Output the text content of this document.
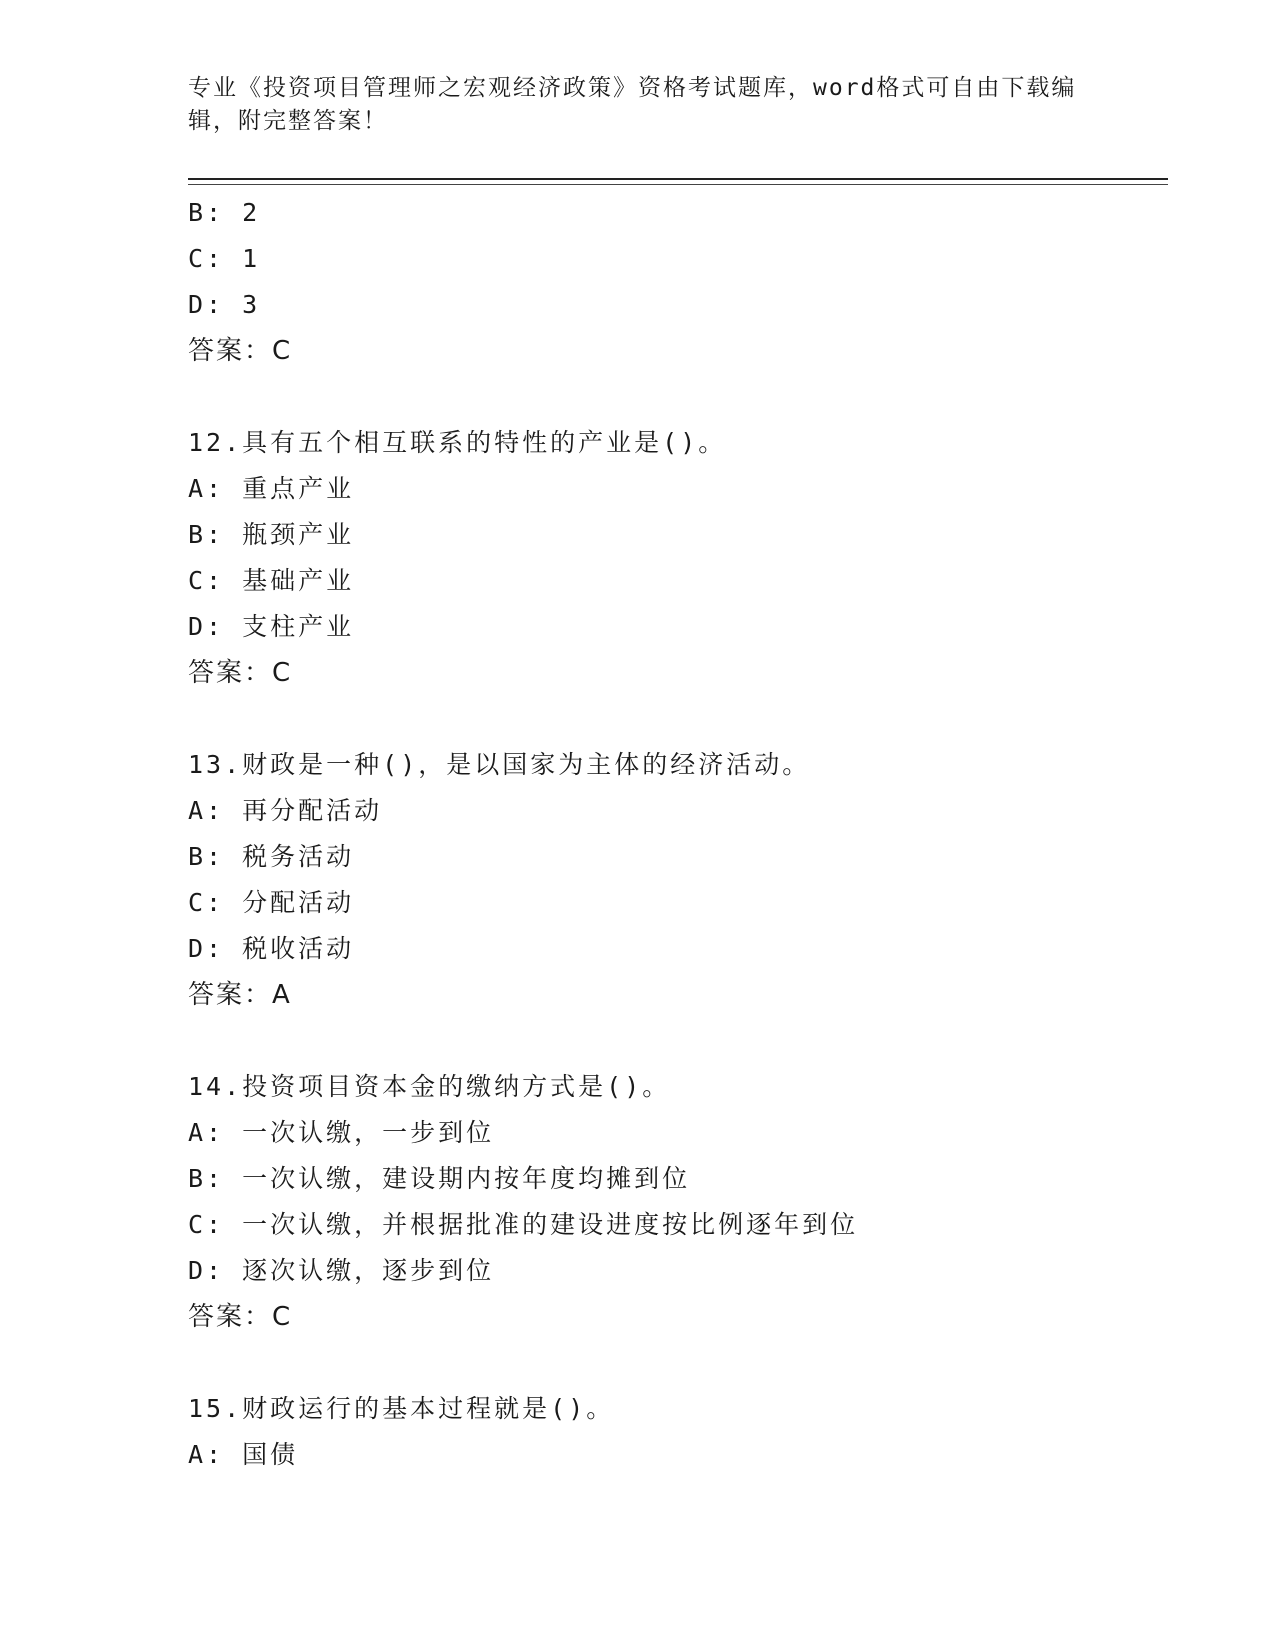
专业《投资项目管理师之宏观经济政策》资格考试题库，word格式可自由下载编
辑，附完整答案！
B: 2
C: 1
D: 3
答案：C
12.具有五个相互联系的特性的产业是()。
A: 重点产业
B: 瓶颈产业
C: 基础产业
D: 支柱产业
答案：C
13.财政是一种()，是以国家为主体的经济活动。
A: 再分配活动
B: 税务活动
C: 分配活动
D: 税收活动
答案：A
14.投资项目资本金的缴纳方式是()。
A: 一次认缴，一步到位
B: 一次认缴，建设期内按年度均摊到位
C: 一次认缴，并根据批准的建设进度按比例逐年到位
D: 逐次认缴，逐步到位
答案：C
15.财政运行的基本过程就是()。
A: 国债
